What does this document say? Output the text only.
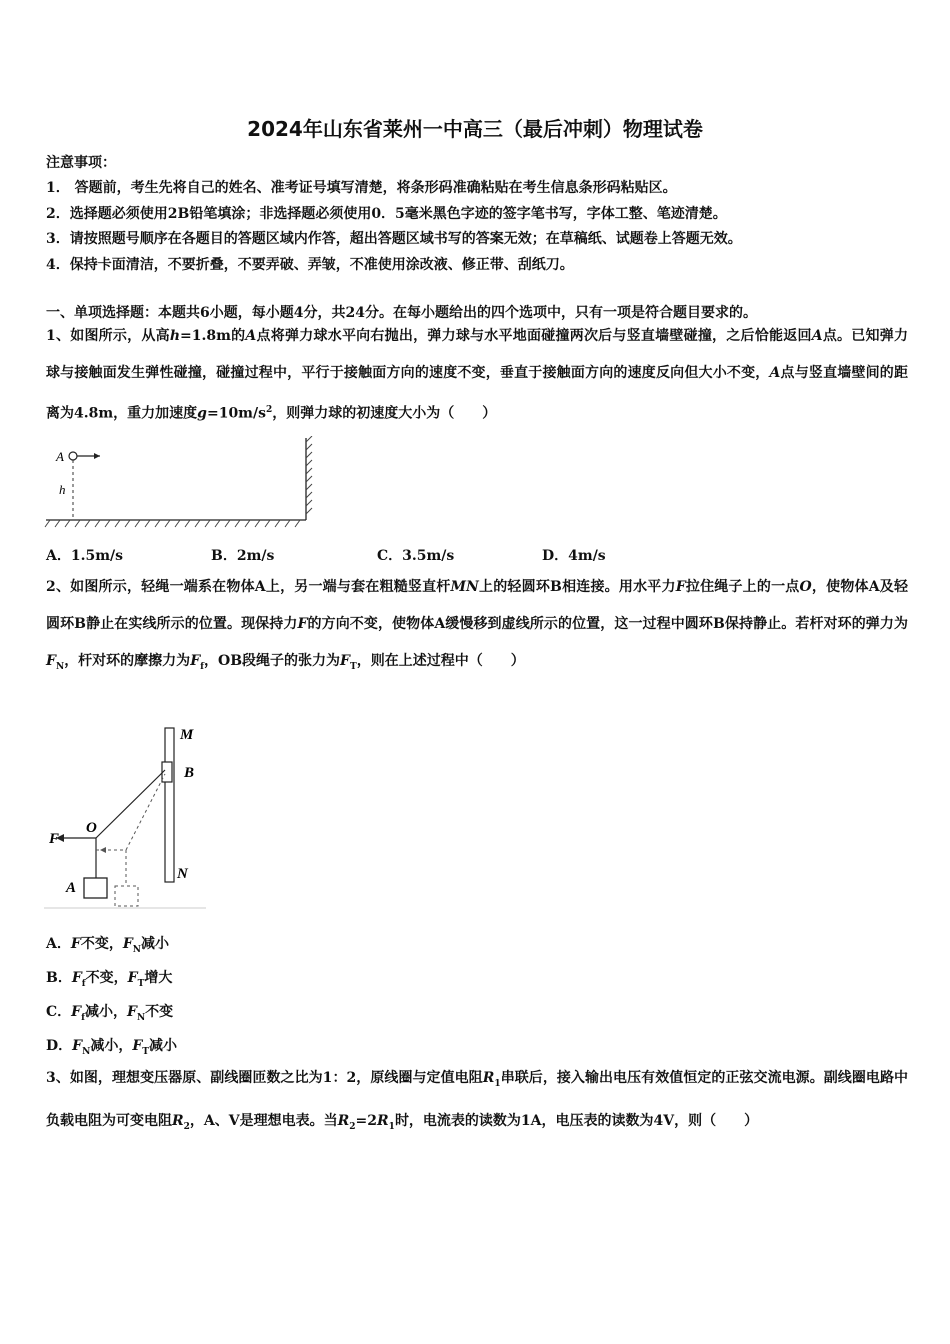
2024年山东省莱州一中高三（最后冲刺）物理试卷
注意事项：
1． 答题前，考生先将自己的姓名、准考证号填写清楚，将条形码准确粘贴在考生信息条形码粘贴区。
2．选择题必须使用2B铅笔填涂；非选择题必须使用0．5毫米黑色字迹的签字笔书写，字体工整、笔迹清楚。
3．请按照题号顺序在各题目的答题区域内作答，超出答题区域书写的答案无效；在草稿纸、试题卷上答题无效。
4．保持卡面清洁，不要折叠，不要弄破、弄皱，不准使用涂改液、修正带、刮纸刀。
一、单项选择题：本题共6小题，每小题4分，共24分。在每小题给出的四个选项中，只有一项是符合题目要求的。
1、如图所示，从高h=1.8m的A点将弹力球水平向右抛出，弹力球与水平地面碰撞两次后与竖直墙壁碰撞，之后恰能返回A点。已知弹力球与接触面发生弹性碰撞，碰撞过程中，平行于接触面方向的速度不变，垂直于接触面方向的速度反向但大小不变，A点与竖直墙壁间的距离为4.8m，重力加速度$g=10m/s^2$，则弹力球的初速度大小为（　　）
A
h
A．1.5m/s	B．2m/s	C．3.5m/s	D．4m/s
2、如图所示，轻绳一端系在物体A上，另一端与套在粗糙竖直杆MN上的轻圆环B相连接。用水平力F拉住绳子上的一点O，使物体A及轻圆环B静止在实线所示的位置。现保持力F的方向不变，使物体A缓慢移到虚线所示的位置，这一过程中圆环B保持静止。若杆对环的弹力为$F_N$，杆对环的摩擦力为$F_f$，OB段绳子的张力为$F_T$，则在上述过程中（　　）
M
B
O
F
A
N
A．F不变，$F_N$减小
B．$F_f$不变，$F_T$增大
C．$F_f$减小，$F_N$不变
D．$F_N$减小，$F_T$减小
3、如图，理想变压器原、副线圈匝数之比为1：2，原线圈与定值电阻$R_1$串联后，接入输出电压有效值恒定的正弦交流电源。副线圈电路中负载电阻为可变电阻$R_2$，A、V是理想电表。当$R_2=2R_1$时，电流表的读数为1A，电压表的读数为4V，则（　　）
